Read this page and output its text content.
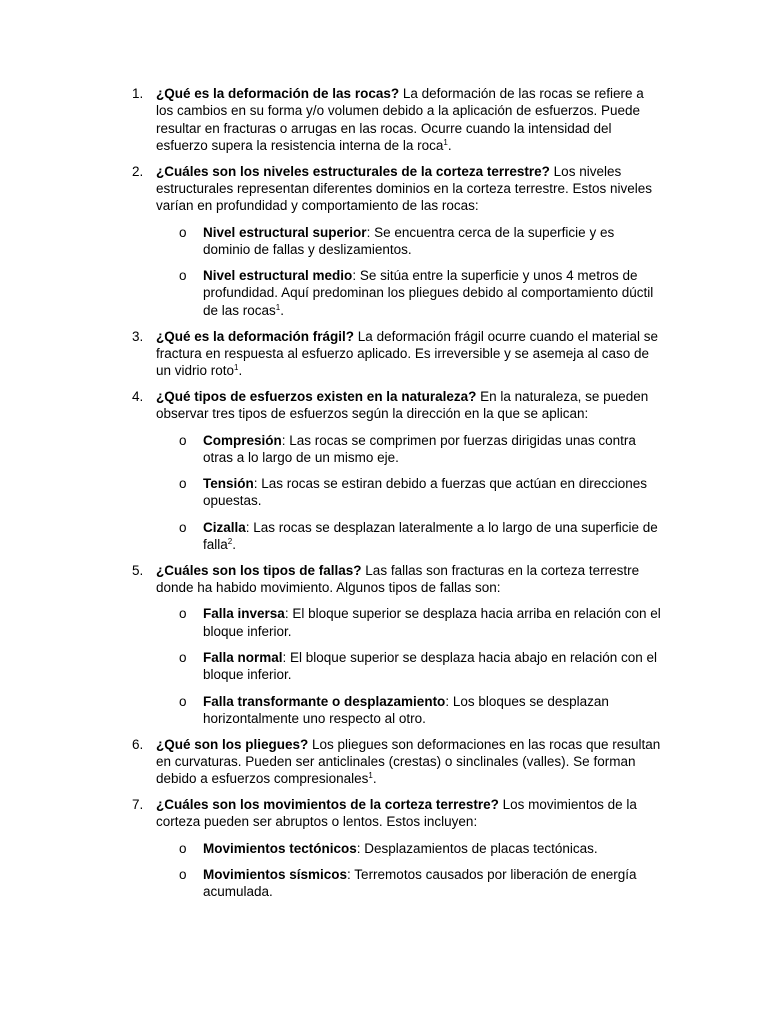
1. ¿Qué es la deformación de las rocas? La deformación de las rocas se refiere a los cambios en su forma y/o volumen debido a la aplicación de esfuerzos. Puede resultar en fracturas o arrugas en las rocas. Ocurre cuando la intensidad del esfuerzo supera la resistencia interna de la roca$^1$.
2. ¿Cuáles son los niveles estructurales de la corteza terrestre? Los niveles estructurales representan diferentes dominios en la corteza terrestre. Estos niveles varían en profundidad y comportamiento de las rocas:
o Nivel estructural superior: Se encuentra cerca de la superficie y es dominio de fallas y deslizamientos.
o Nivel estructural medio: Se sitúa entre la superficie y unos 4 metros de profundidad. Aquí predominan los pliegues debido al comportamiento dúctil de las rocas$^1$.
3. ¿Qué es la deformación frágil? La deformación frágil ocurre cuando el material se fractura en respuesta al esfuerzo aplicado. Es irreversible y se asemeja al caso de un vidrio roto$^1$.
4. ¿Qué tipos de esfuerzos existen en la naturaleza? En la naturaleza, se pueden observar tres tipos de esfuerzos según la dirección en la que se aplican:
o Compresión: Las rocas se comprimen por fuerzas dirigidas unas contra otras a lo largo de un mismo eje.
o Tensión: Las rocas se estiran debido a fuerzas que actúan en direcciones opuestas.
o Cizalla: Las rocas se desplazan lateralmente a lo largo de una superficie de falla$^2$.
5. ¿Cuáles son los tipos de fallas? Las fallas son fracturas en la corteza terrestre donde ha habido movimiento. Algunos tipos de fallas son:
o Falla inversa: El bloque superior se desplaza hacia arriba en relación con el bloque inferior.
o Falla normal: El bloque superior se desplaza hacia abajo en relación con el bloque inferior.
o Falla transformante o desplazamiento: Los bloques se desplazan horizontalmente uno respecto al otro.
6. ¿Qué son los pliegues? Los pliegues son deformaciones en las rocas que resultan en curvaturas. Pueden ser anticlinales (crestas) o sinclinales (valles). Se forman debido a esfuerzos compresionales$^1$.
7. ¿Cuáles son los movimientos de la corteza terrestre? Los movimientos de la corteza pueden ser abruptos o lentos. Estos incluyen:
o Movimientos tectónicos: Desplazamientos de placas tectónicas.
o Movimientos sísmicos: Terremotos causados por liberación de energía acumulada.
